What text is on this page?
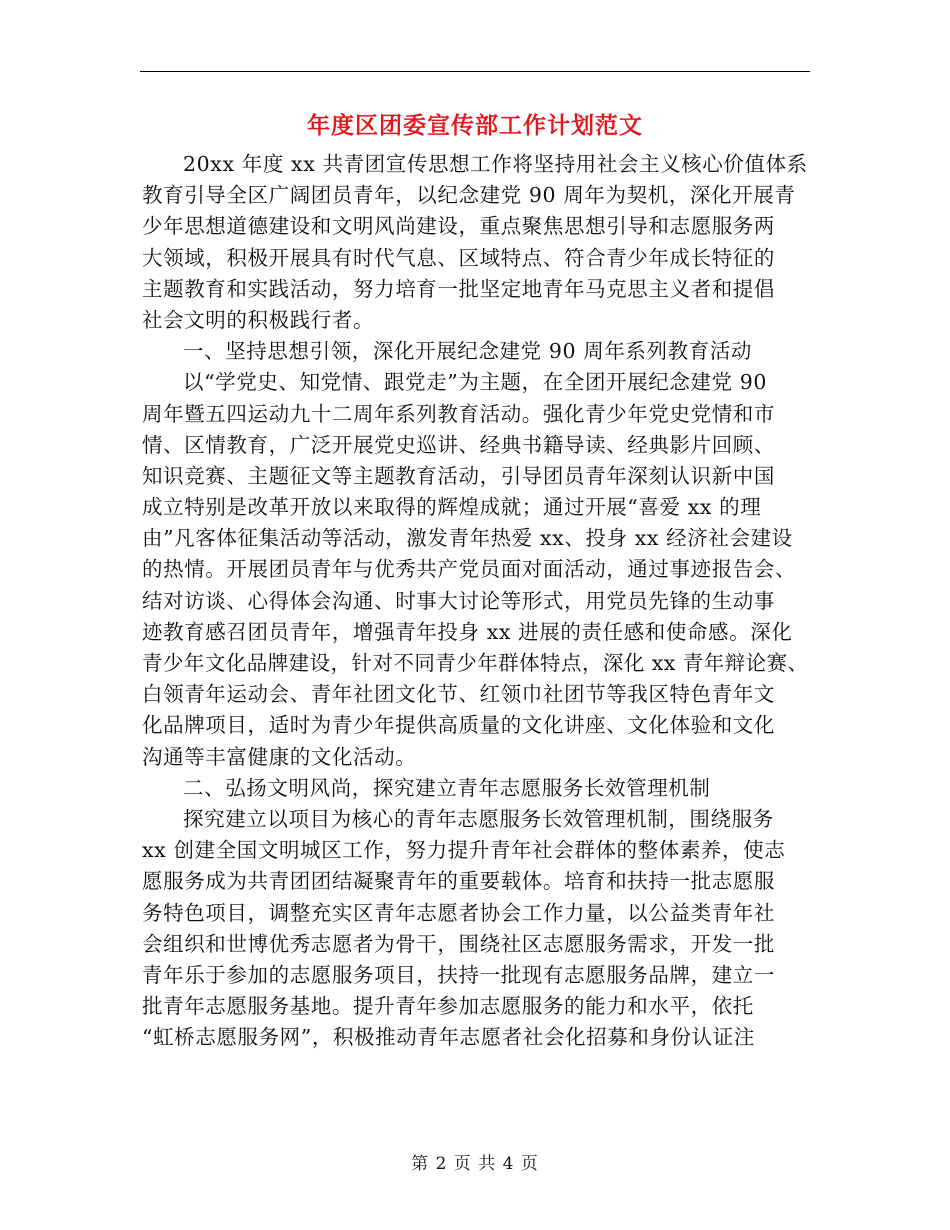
年度区团委宣传部工作计划范文
20xx 年度 xx 共青团宣传思想工作将坚持用社会主义核心价值体系
教育引导全区广阔团员青年，以纪念建党 90 周年为契机，深化开展青
少年思想道德建设和文明风尚建设，重点聚焦思想引导和志愿服务两
大领域，积极开展具有时代气息、区域特点、符合青少年成长特征的
主题教育和实践活动，努力培育一批坚定地青年马克思主义者和提倡
社会文明的积极践行者。
一、坚持思想引领，深化开展纪念建党 90 周年系列教育活动
以“学党史、知党情、跟党走”为主题，在全团开展纪念建党 90
周年暨五四运动九十二周年系列教育活动。强化青少年党史党情和市
情、区情教育，广泛开展党史巡讲、经典书籍导读、经典影片回顾、
知识竞赛、主题征文等主题教育活动，引导团员青年深刻认识新中国
成立特别是改革开放以来取得的辉煌成就；通过开展“喜爱 xx 的理
由”凡客体征集活动等活动，激发青年热爱 xx、投身 xx 经济社会建设
的热情。开展团员青年与优秀共产党员面对面活动，通过事迹报告会、
结对访谈、心得体会沟通、时事大讨论等形式，用党员先锋的生动事
迹教育感召团员青年，增强青年投身 xx 进展的责任感和使命感。深化
青少年文化品牌建设，针对不同青少年群体特点，深化 xx 青年辩论赛、
白领青年运动会、青年社团文化节、红领巾社团节等我区特色青年文
化品牌项目，适时为青少年提供高质量的文化讲座、文化体验和文化
沟通等丰富健康的文化活动。
二、弘扬文明风尚，探究建立青年志愿服务长效管理机制
探究建立以项目为核心的青年志愿服务长效管理机制，围绕服务
xx 创建全国文明城区工作，努力提升青年社会群体的整体素养，使志
愿服务成为共青团团结凝聚青年的重要载体。培育和扶持一批志愿服
务特色项目，调整充实区青年志愿者协会工作力量，以公益类青年社
会组织和世博优秀志愿者为骨干，围绕社区志愿服务需求，开发一批
青年乐于参加的志愿服务项目，扶持一批现有志愿服务品牌，建立一
批青年志愿服务基地。提升青年参加志愿服务的能力和水平，依托
“虹桥志愿服务网”，积极推动青年志愿者社会化招募和身份认证注
第 2 页 共 4 页
